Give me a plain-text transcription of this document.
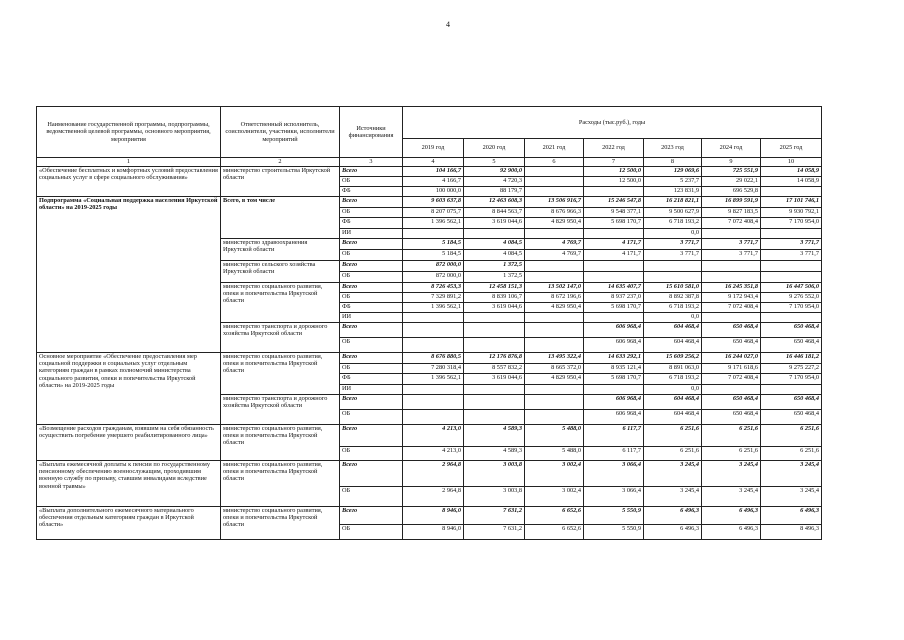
4
Наименование государственной программы, подпрограммы, ведомственной целевой программы, основного мероприятия, мероприятия	Ответственный исполнитель, соисполнители, участники, исполнители мероприятий	Источники финансирования	Расходы (тыс.руб.), годы						
			2019 год	2020 год	2021 год	2022 год	2023 год	2024 год	2025 год
1	2	3	4	5	6	7	8	9	10
«Обеспечение бесплатных и комфортных условий предоставления социальных услуг в сфере социального обслуживания»	министерство строительства Иркутской области	Всего	104 166,7	92 900,0		12 500,0	129 069,6	725 551,9	14 058,9
		ОБ	4 166,7	4 720,3		12 500,0	5 237,7	29 022,1	14 058,9
		ФБ	100 000,0	88 179,7			123 831,9	696 529,8	
Подпрограмма «Социальная поддержка населения Иркутской области» на 2019-2025 годы	Всего, в том числе	Всего	9 603 637,8	12 463 608,3	13 506 916,7	15 246 547,8	16 218 821,1	16 899 591,9	17 101 746,1
		ОБ	8 207 075,7	8 844 563,7	8 676 966,3	9 548 377,1	9 500 627,9	9 827 183,5	9 930 792,1
		ФБ	1 396 562,1	3 619 044,6	4 829 950,4	5 698 170,7	6 718 193,2	7 072 408,4	7 170 954,0
		ИИ					0,0		
	министерство здравоохранения Иркутской области	Всего	5 184,5	4 084,5	4 769,7	4 171,7	3 771,7	3 771,7	3 771,7
		ОБ	5 184,5	4 084,5	4 769,7	4 171,7	3 771,7	3 771,7	3 771,7
	министерство сельского хозяйства Иркутской области	Всего	872 000,0	1 372,5					
		ОБ	872 000,0	1 372,5					
	министерство социального развития, опеки и попечительства Иркутской области	Всего	8 726 453,3	12 458 151,3	13 502 147,0	14 635 407,7	15 610 581,0	16 245 351,8	16 447 506,0
		ОБ	7 329 891,2	8 839 106,7	8 672 196,6	8 937 237,0	8 892 387,8	9 172 943,4	9 276 552,0
		ФБ	1 396 562,1	3 619 044,6	4 829 950,4	5 698 170,7	6 718 193,2	7 072 408,4	7 170 954,0
		ИИ					0,0		
	министерство транспорта и дорожного хозяйства Иркутской области	Всего				606 968,4	604 468,4	650 468,4	650 468,4
		ОБ				606 968,4	604 468,4	650 468,4	650 468,4
Основное мероприятие «Обеспечение предоставления мер социальной поддержки в социальных услуг отдельным категориям граждан в рамках полномочий министерства социального развития, опеки и попечительства Иркутской области» на 2019-2025 годы	министерство социального развития, опеки и попечительства Иркутской области	Всего	8 676 880,5	12 176 876,8	13 495 322,4	14 633 292,1	15 609 256,2	16 244 027,0	16 446 181,2
		ОБ	7 280 318,4	8 557 832,2	8 665 372,0	8 935 121,4	8 891 063,0	9 171 618,6	9 275 227,2
		ФБ	1 396 562,1	3 619 044,6	4 829 950,4	5 698 170,7	6 718 193,2	7 072 408,4	7 170 954,0
		ИИ					0,0		
	министерство транспорта и дорожного хозяйства Иркутской области	Всего				606 968,4	604 468,4	650 468,4	650 468,4
		ОБ				606 968,4	604 468,4	650 468,4	650 468,4
«Возмещение расходов гражданам, взявшим на себя обязанность осуществить погребение умершего реабилитированного лица»	министерство социального развития, опеки и попечительства Иркутской области	Всего	4 213,0	4 589,3	5 488,0	6 117,7	6 251,6	6 251,6	6 251,6
		ОБ	4 213,0	4 589,3	5 488,0	6 117,7	6 251,6	6 251,6	6 251,6
«Выплата ежемесячной доплаты к пенсии по государственному пенсионному обеспечению военнослужащим, проходившим военную службу по призыву, ставшим инвалидами вследствие военной травмы»	министерство социального развития, опеки и попечительства Иркутской области	Всего	2 964,8	3 003,8	3 002,4	3 066,4	3 245,4	3 245,4	3 245,4
		ОБ	2 964,8	3 003,8	3 002,4	3 066,4	3 245,4	3 245,4	3 245,4
«Выплата дополнительного ежемесячного материального обеспечения отдельным категориям граждан в Иркутской области»	министерство социального развития, опеки и попечительства Иркутской области	Всего	8 946,0	7 631,2	6 652,6	5 550,9	6 496,3	6 496,3	6 496,3
		ОБ	8 946,0	7 631,2	6 652,6	5 550,9	6 496,3	6 496,3	8 496,3
